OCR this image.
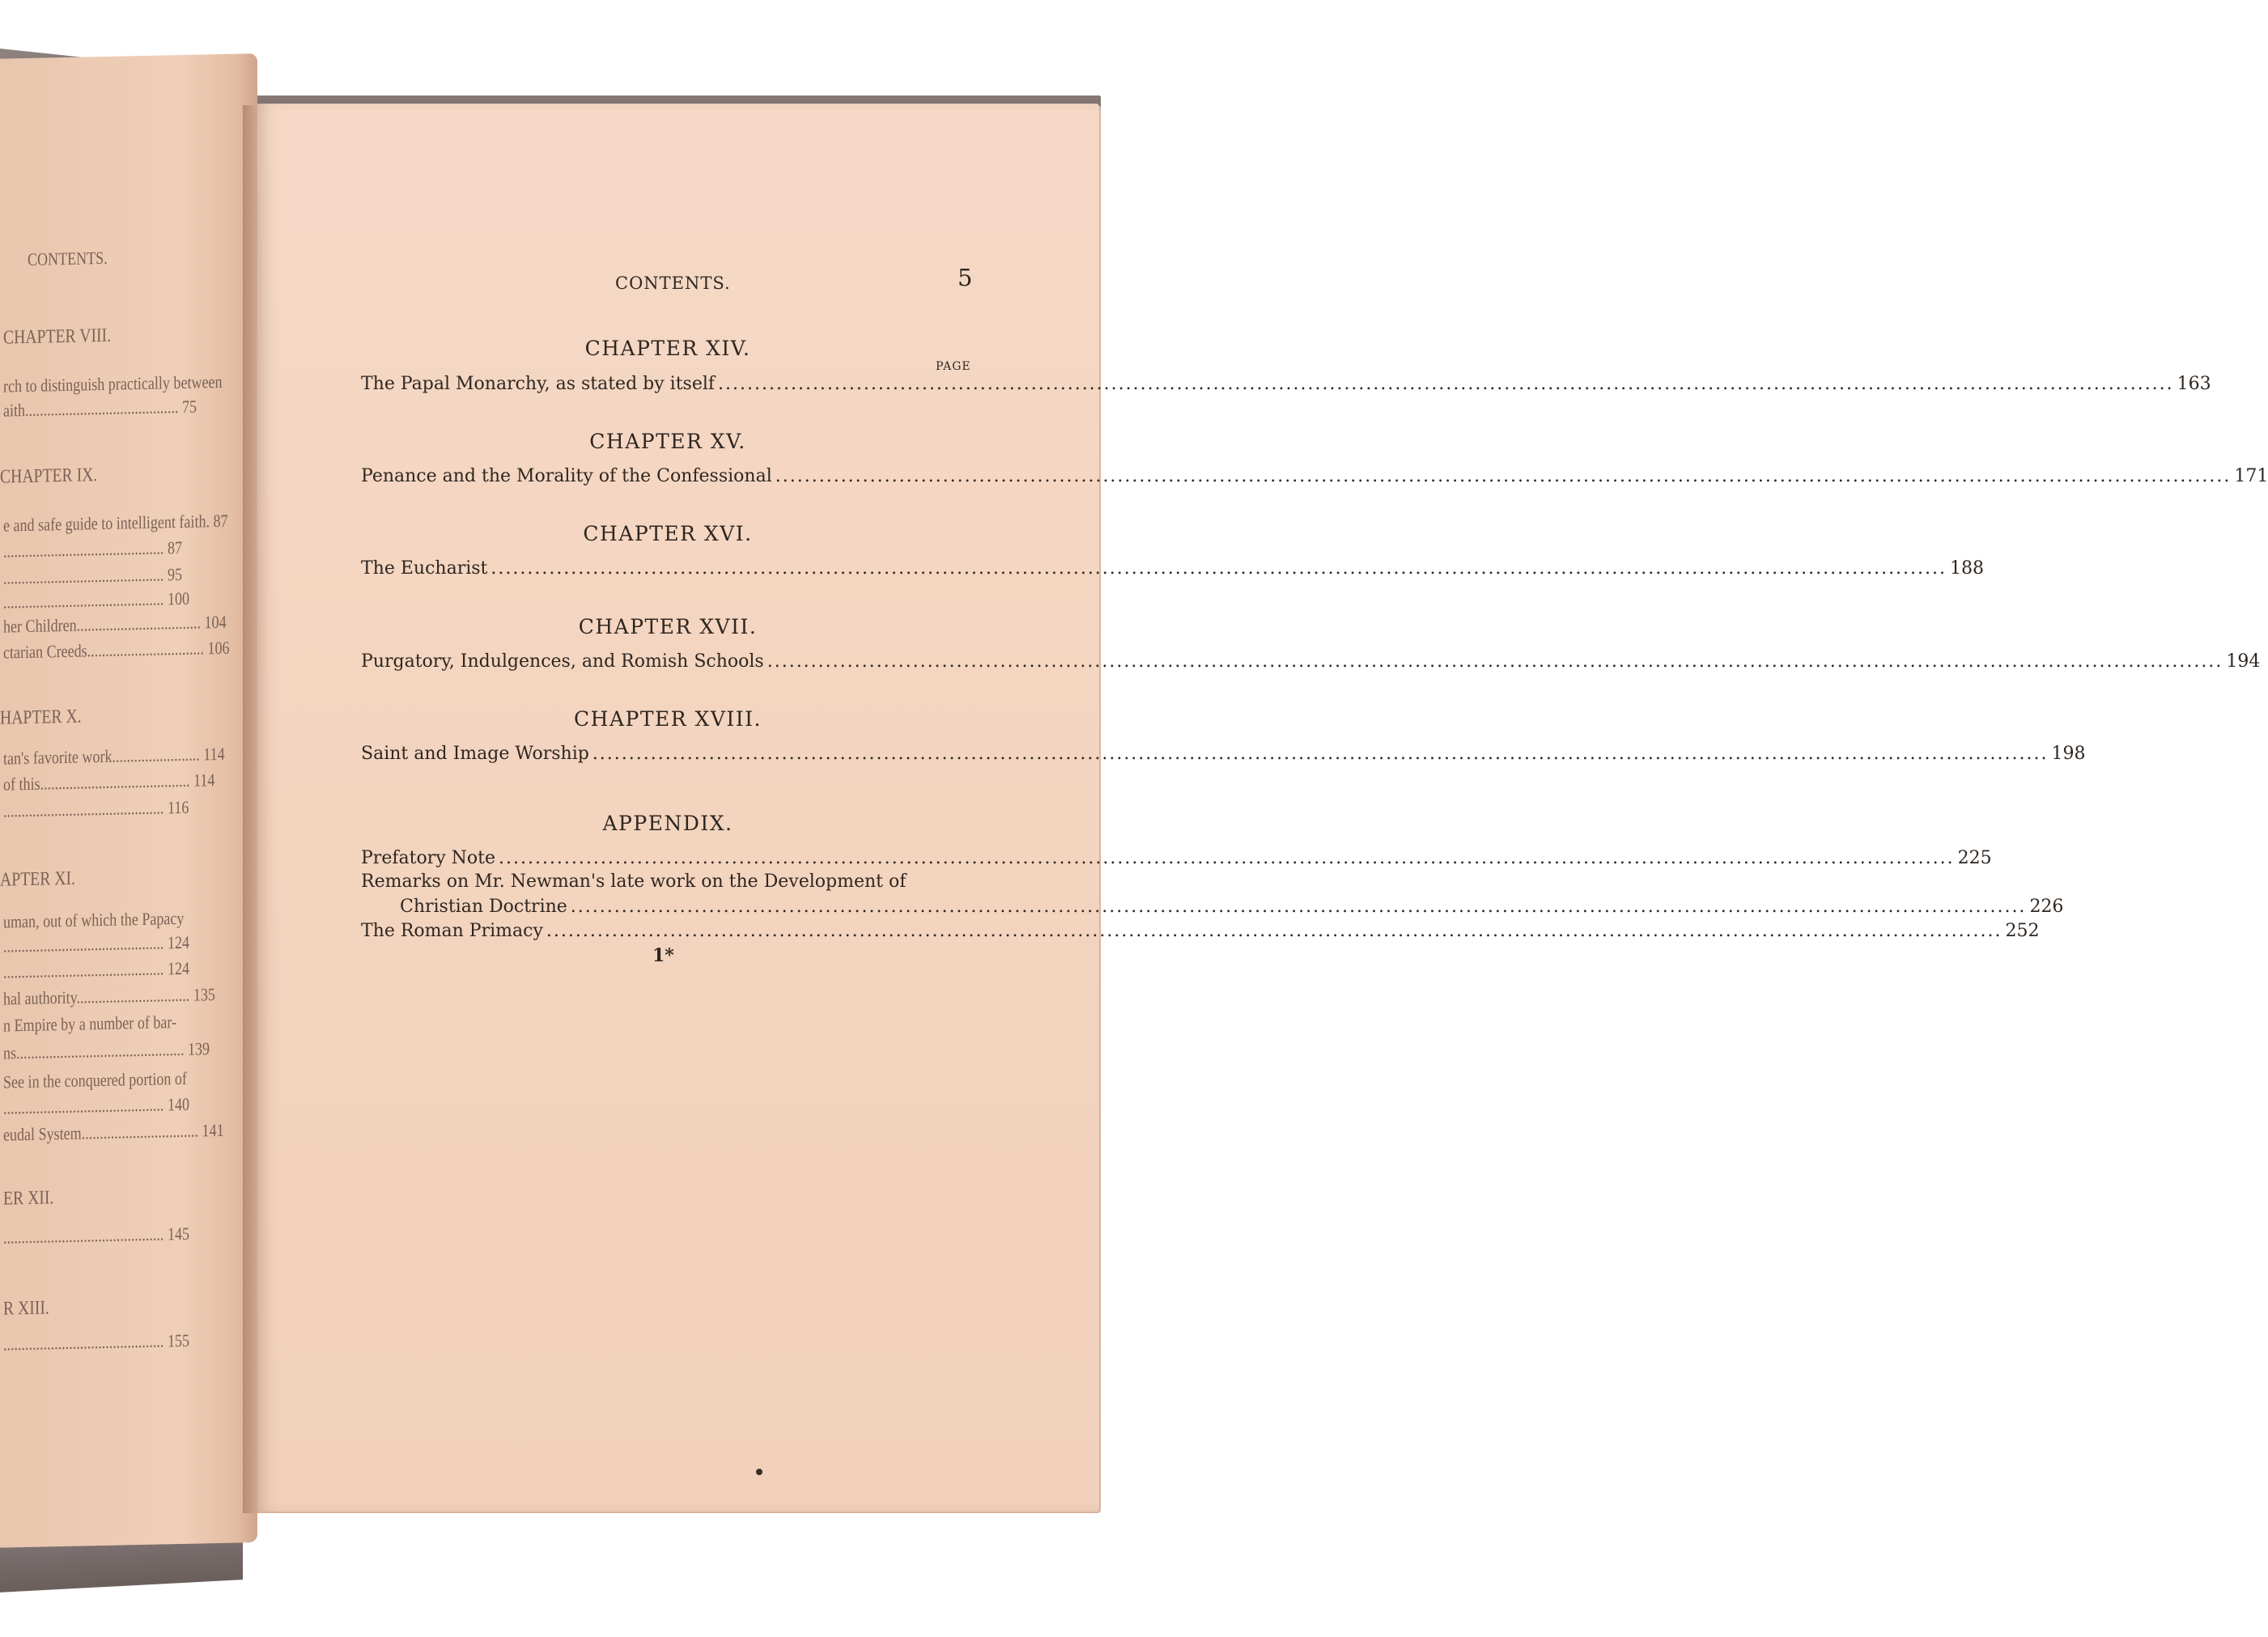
CONTENTS.
CHAPTER VIII.
rch to distinguish practically between
aith.......................................... 75
CHAPTER IX.
e and safe guide to intelligent faith. 87
............................................ 87
............................................ 95
............................................ 100
her Children.................................. 104
ctarian Creeds................................ 106
HAPTER X.
tan's favorite work........................ 114
of this......................................... 114
............................................ 116
APTER XI.
uman, out of which the Papacy
............................................ 124
............................................ 124
hal authority............................... 135
n Empire by a number of bar-
ns.............................................. 139
See in the conquered portion of
............................................ 140
eudal System................................ 141
ER XII.
............................................ 145
R XIII.
............................................ 155
CONTENTS.	5
PAGE
CHAPTER XIV.
The Papal Monarchy, as stated by itself ........................................................................................................................................................................................................ 163
CHAPTER XV.
Penance and the Morality of the Confessional ........................................................................................................................................................................................................ 171
CHAPTER XVI.
The Eucharist ........................................................................................................................................................................................................ 188
CHAPTER XVII.
Purgatory, Indulgences, and Romish Schools ........................................................................................................................................................................................................ 194
CHAPTER XVIII.
Saint and Image Worship ........................................................................................................................................................................................................ 198
APPENDIX.
Prefatory Note ........................................................................................................................................................................................................ 225
Remarks on Mr. Newman's late work on the Development of
Christian Doctrine ........................................................................................................................................................................................................ 226
The Roman Primacy ........................................................................................................................................................................................................ 252
1*
